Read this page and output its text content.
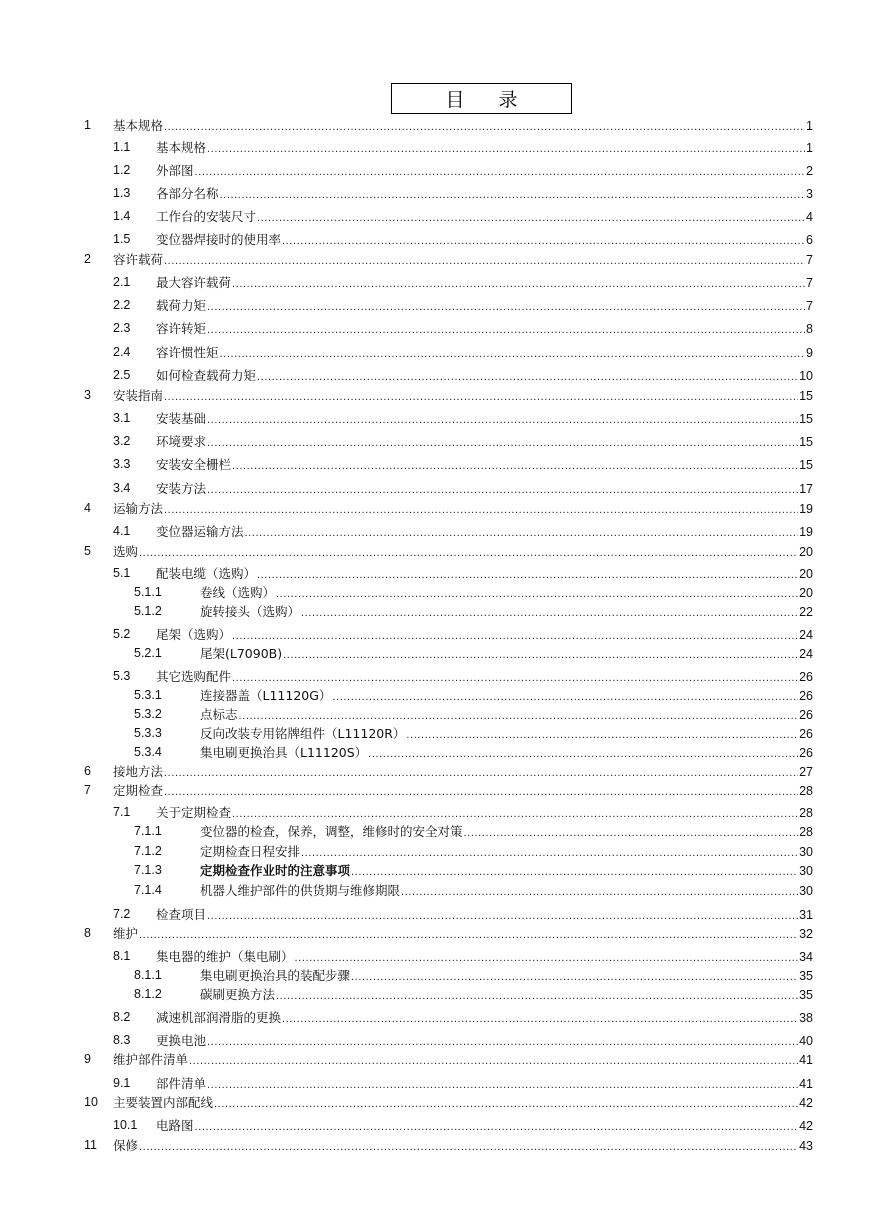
目 录
1 基本规格 .....	1
1.1 基本规格 .....	1
1.2 外部图 .....	2
1.3 各部分名称 .....	3
1.4 工作台的安装尺寸 .....	4
1.5 变位器焊接时的使用率 .....	6
2 容许载荷 .....	7
2.1 最大容许载荷 .....	7
2.2 载荷力矩 .....	7
2.3 容许转矩 .....	8
2.4 容许惯性矩 .....	9
2.5 如何检查载荷力矩 .....	10
3 安装指南 .....	15
3.1 安装基础 .....	15
3.2 环境要求 .....	15
3.3 安装安全栅栏 .....	15
3.4 安装方法 .....	17
4 运输方法 .....	19
4.1 变位器运输方法 .....	19
5 选购 .....	20
5.1 配装电缆（选购） .....	20
5.1.1	卷线（选购） .....	20
5.1.2	旋转接头（选购） .....	22
5.2 尾架（选购） .....	24
5.2.1	尾架(L7090B) .....	24
5.3 其它选购配件 .....	26
5.3.1	连接器盖（L11120G） .....	26
5.3.2	点标志 .....	26
5.3.3	反向改装专用铭牌组件（L11120R） .....	26
5.3.4	集电刷更换治具（L11120S） .....	26
6 接地方法 .....	27
7 定期检查 .....	28
7.1 关于定期检查 .....	28
7.1.1	变位器的检查，保养，调整，维修时的安全对策 .....	28
7.1.2	定期检查日程安排 .....	30
7.1.3	定期检查作业时的注意事项 .....	30
7.1.4	机器人维护部件的供货期与维修期限 .....	30
7.2 检查项目 .....	31
8 维护 .....	32
8.1 集电器的维护（集电刷） .....	34
8.1.1	集电刷更换治具的装配步骤 .....	35
8.1.2	碳刷更换方法 .....	35
8.2 减速机部润滑脂的更换 .....	38
8.3 更换电池 .....	40
9 维护部件清单 .....	41
9.1 部件清单 .....	41
10 主要装置内部配线 .....	42
10.1 电路图 .....	42
11 保修 .....	43
